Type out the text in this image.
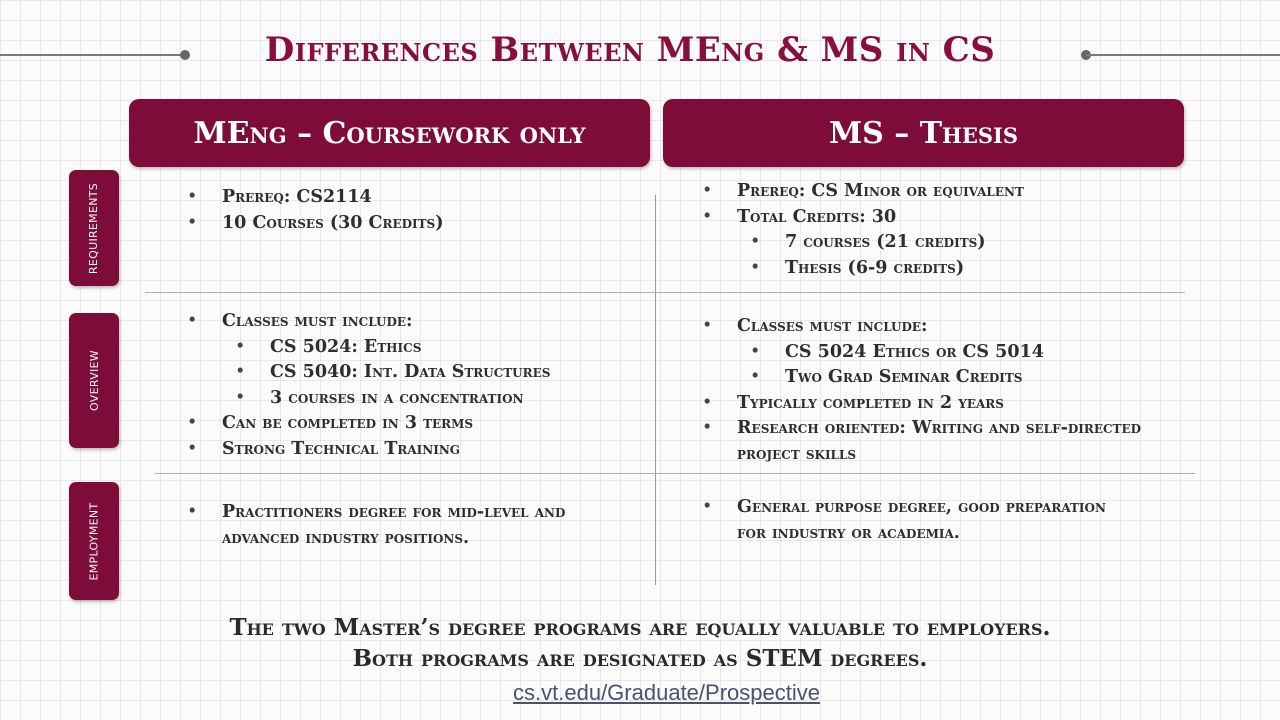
Differences Between MEng & MS in CS
MEng – Coursework only	MS – Thesis
REQUIREMENTS
OVERVIEW
EMPLOYMENT
• Prereq: CS2114
• 10 Courses (30 Credits)
• Prereq: CS Minor or equivalent
• Total Credits: 30
• 7 courses (21 credits)
• Thesis (6-9 credits)
• Classes must include:
• CS 5024: Ethics
• CS 5040: Int. Data Structures
• 3 courses in a concentration
• Can be completed in 3 terms
• Strong Technical Training
• Classes must include:
• CS 5024 Ethics or CS 5014
• Two Grad Seminar Credits
• Typically completed in 2 years
• Research oriented: Writing and self-directed project skills
• Practitioners degree for mid-level and advanced industry positions.
• General purpose degree, good preparation for industry or academia.
The two Master’s degree programs are equally valuable to employers.
Both programs are designated as STEM degrees.
cs.vt.edu/Graduate/Prospective
